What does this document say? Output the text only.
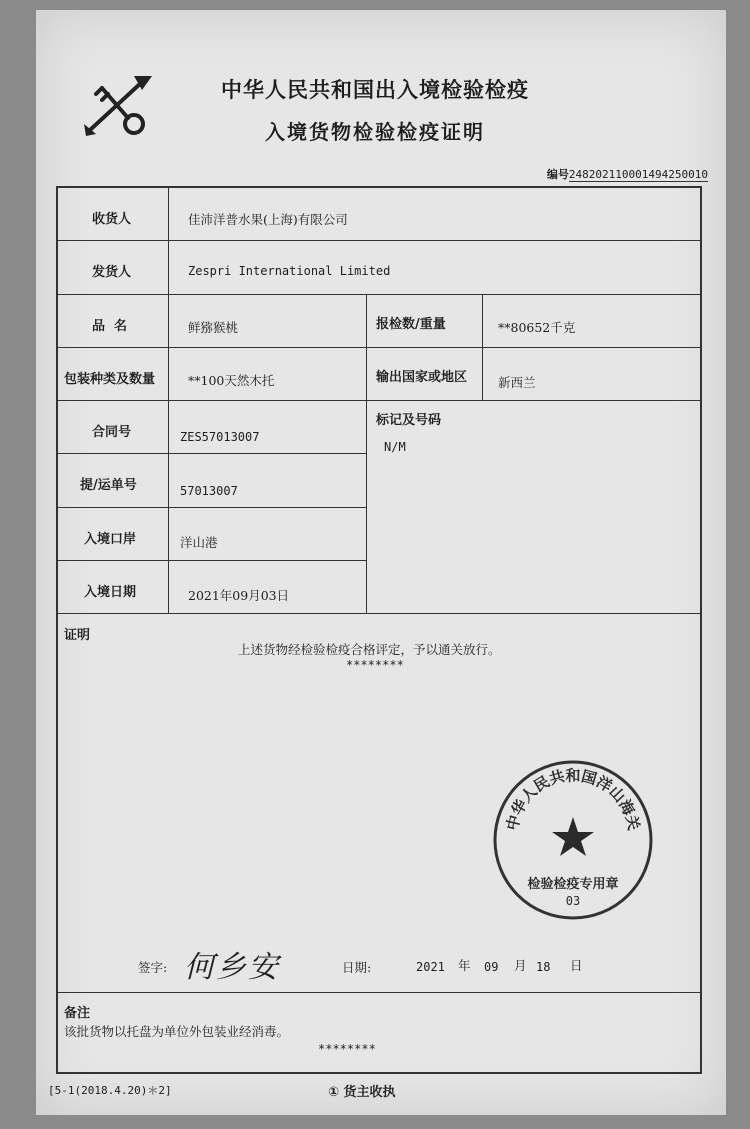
中华人民共和国出入境检验检疫
入境货物检验检疫证明
编号248202110001494250010
收货人	佳沛洋普水果(上海)有限公司
发货人	Zespri International Limited
品  名	鲜猕猴桃	报检数/重量	**80652千克
包装种类及数量	**100天然木托	输出国家或地区 新西兰
合同号	ZES57013007
标记及号码
N/M
提/运单号	57013007
入境口岸	洋山港
入境日期	2021年09月03日
证明
上述货物经检验检疫合格评定，予以通关放行。
********
中华人民共和国洋山海关
检验检疫专用章
03
签字: 何乡安	日期:	2021 年 09 月 18 日
备注
该批货物以托盘为单位外包装业经消毒。
********
[5-1(2018.4.20)＊2]	① 货主收执
